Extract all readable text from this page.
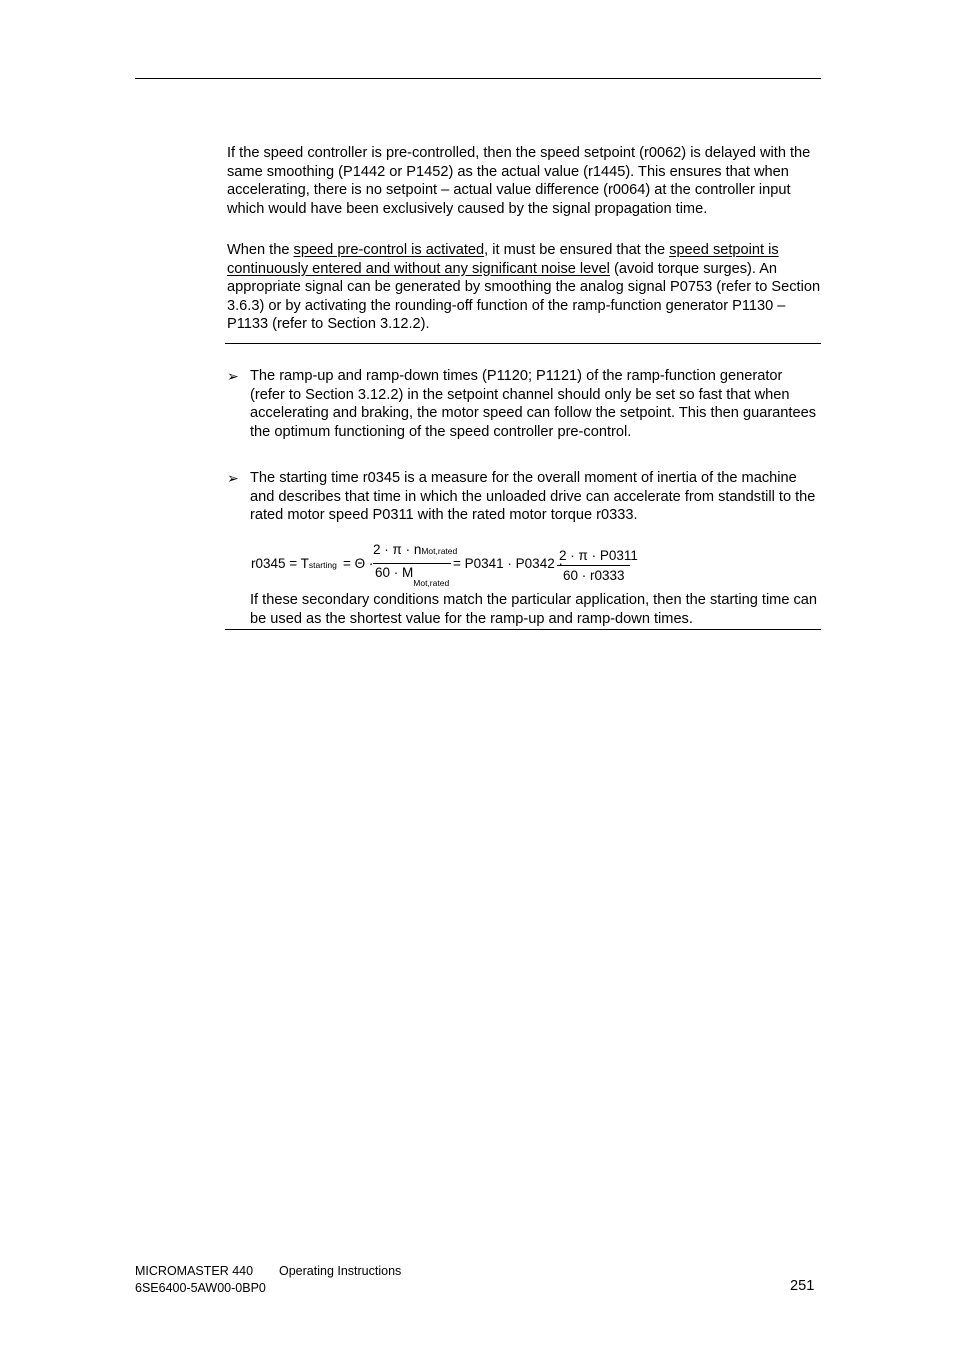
If the speed controller is pre-controlled, then the speed setpoint (r0062) is delayed with the same smoothing (P1442 or P1452) as the actual value (r1445). This ensures that when accelerating, there is no setpoint – actual value difference (r0064) at the controller input which would have been exclusively caused by the signal propagation time.

When the speed pre-control is activated, it must be ensured that the speed setpoint is continuously entered and without any significant noise level (avoid torque surges). An appropriate signal can be generated by smoothing the analog signal P0753 (refer to Section 3.6.3) or by activating the rounding-off function of the ramp-function generator P1130 – P1133 (refer to Section 3.12.2).

➢ The ramp-up and ramp-down times (P1120; P1121) of the ramp-function generator (refer to Section 3.12.2) in the setpoint channel should only be set so fast that when accelerating and braking, the motor speed can follow the setpoint. This then guarantees the optimum functioning of the speed controller pre-control.

➢ The starting time r0345 is a measure for the overall moment of inertia of the machine and describes that time in which the unloaded drive can accelerate from standstill to the rated motor speed P0311 with the rated motor torque r0333.

r0345 = Tstarting = Θ ·
2 · π · nMot,rated
$60 \cdot M_{Mot,rated}$
= P0341 · P0342 ·
2 · π · P0311
60 · r0333

If these secondary conditions match the particular application, then the starting time can be used as the shortest value for the ramp-up and ramp-down times.

MICROMASTER 440 Operating Instructions
6SE6400-5AW00-0BP0	251
